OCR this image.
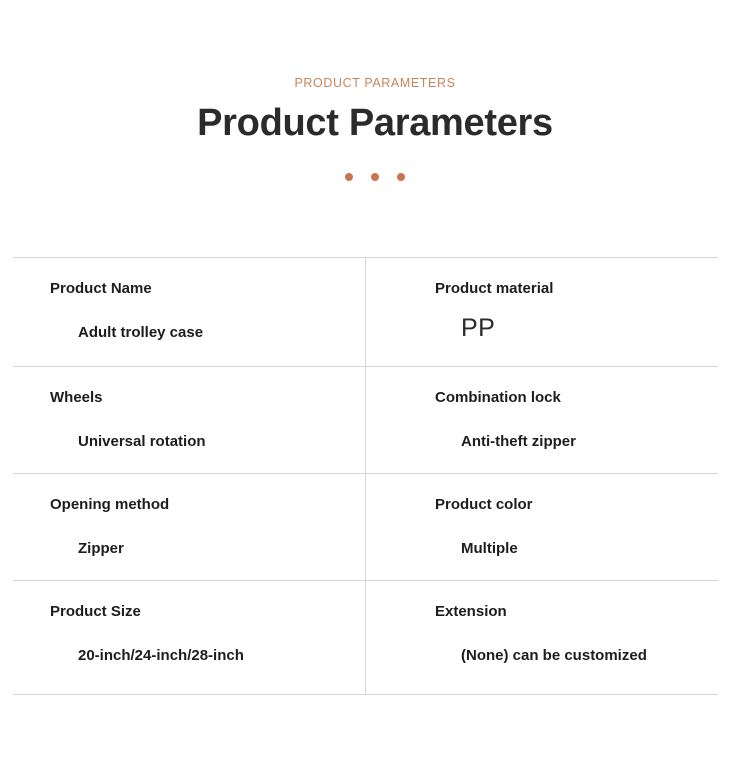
PRODUCT PARAMETERS
Product Parameters

Product Name

Adult trolley case

Product material

PP

Wheels

Universal rotation

Combination lock

Anti-theft zipper

Opening method

Zipper

Product color

Multiple

Product Size

20-inch/24-inch/28-inch

Extension

(None) can be customized
